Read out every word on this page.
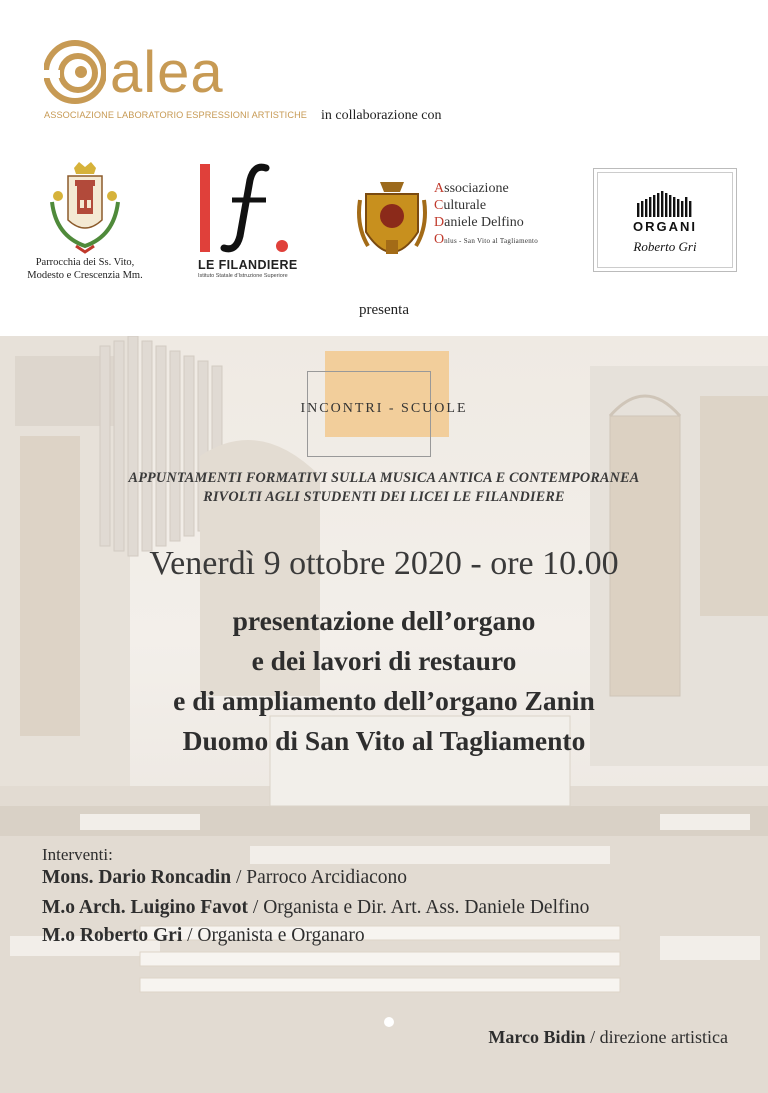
alea
ASSOCIAZIONE LABORATORIO ESPRESSIONI ARTISTICHE in collaborazione con
Parrocchia dei Ss. Vito,
Modesto e Crescenzia Mm.
LE FILANDIERE
Istituto Statale d'Istruzione Superiore
Associazione
Culturale
Daniele Delfino
Onlus - San Vito al Tagliamento
ORGANI
Roberto Gri
presenta
INCONTRI - SCUOLE
APPUNTAMENTI FORMATIVI SULLA MUSICA ANTICA E CONTEMPORANEA
RIVOLTI AGLI STUDENTI DEI LICEI LE FILANDIERE
Venerdì 9 ottobre 2020 - ore 10.00
presentazione dell’organo
e dei lavori di restauro
e di ampliamento dell’organo Zanin
Duomo di San Vito al Tagliamento
Interventi:
Mons. Dario Roncadin / Parroco Arcidiacono
M.o Arch. Luigino Favot / Organista e Dir. Art. Ass. Daniele Delfino
M.o Roberto Gri / Organista e Organaro
Marco Bidin / direzione artistica
